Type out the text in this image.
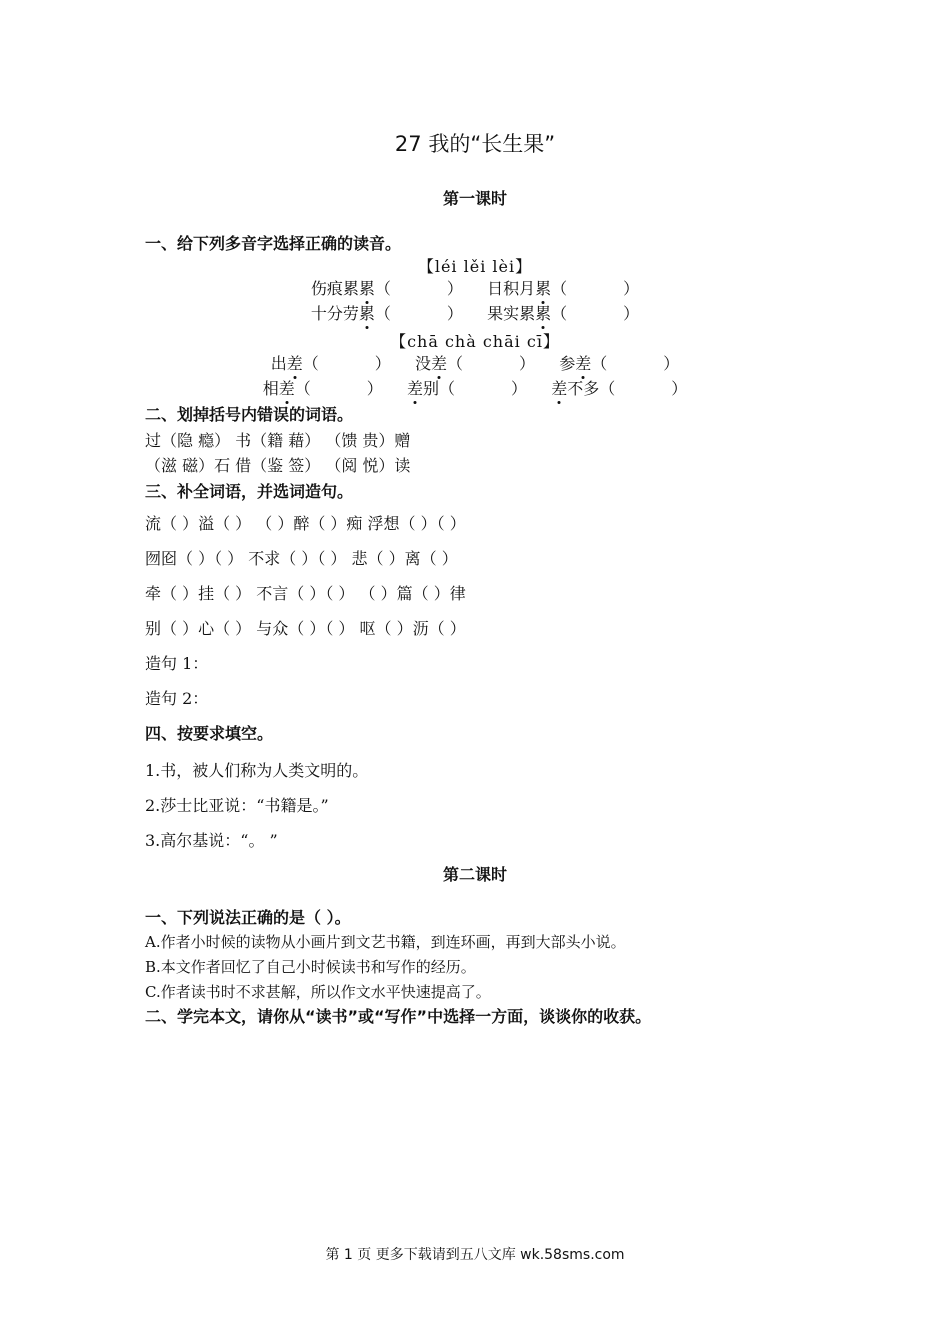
27 我的“长生果”
第一课时
一、给下列多音字选择正确的读音。
【léi lěi lèi】
伤痕累累（	） 日积月累（	）
十分劳累（	） 果实累累（	）
【chā chà chāi cī】
出差（	） 没差（	） 参差（	）
相差（	） 差别（	） 差不多（	）
二、划掉括号内错误的词语。
过（隐 瘾） 书（籍 藉） （馈 贵）赠
（滋 磁）石 借（鉴 签） （阅 悦）读
三、补全词语，并选词造句。
流（ ）溢（ ） （ ）醉（ ）痴 浮想（ ）（ ）
囫囵（ ）（ ） 不求（ ）（ ） 悲（ ）离（ ）
牵（ ）挂（ ） 不言（ ）（ ） （ ）篇（ ）律
别（ ）心（ ） 与众（ ）（ ） 呕（ ）沥（ ）
造句 1：
造句 2：
四、按要求填空。
1.书，被人们称为人类文明的。
2.莎士比亚说：“书籍是。”
3.高尔基说：“。 ”
第二课时
一、下列说法正确的是（ ）。
A.作者小时候的读物从小画片到文艺书籍，到连环画，再到大部头小说。
B.本文作者回忆了自己小时候读书和写作的经历。
C.作者读书时不求甚解，所以作文水平快速提高了。
二、学完本文，请你从“读书”或“写作”中选择一方面，谈谈你的收获。
第 1 页 更多下载请到五八文库 wk.58sms.com
